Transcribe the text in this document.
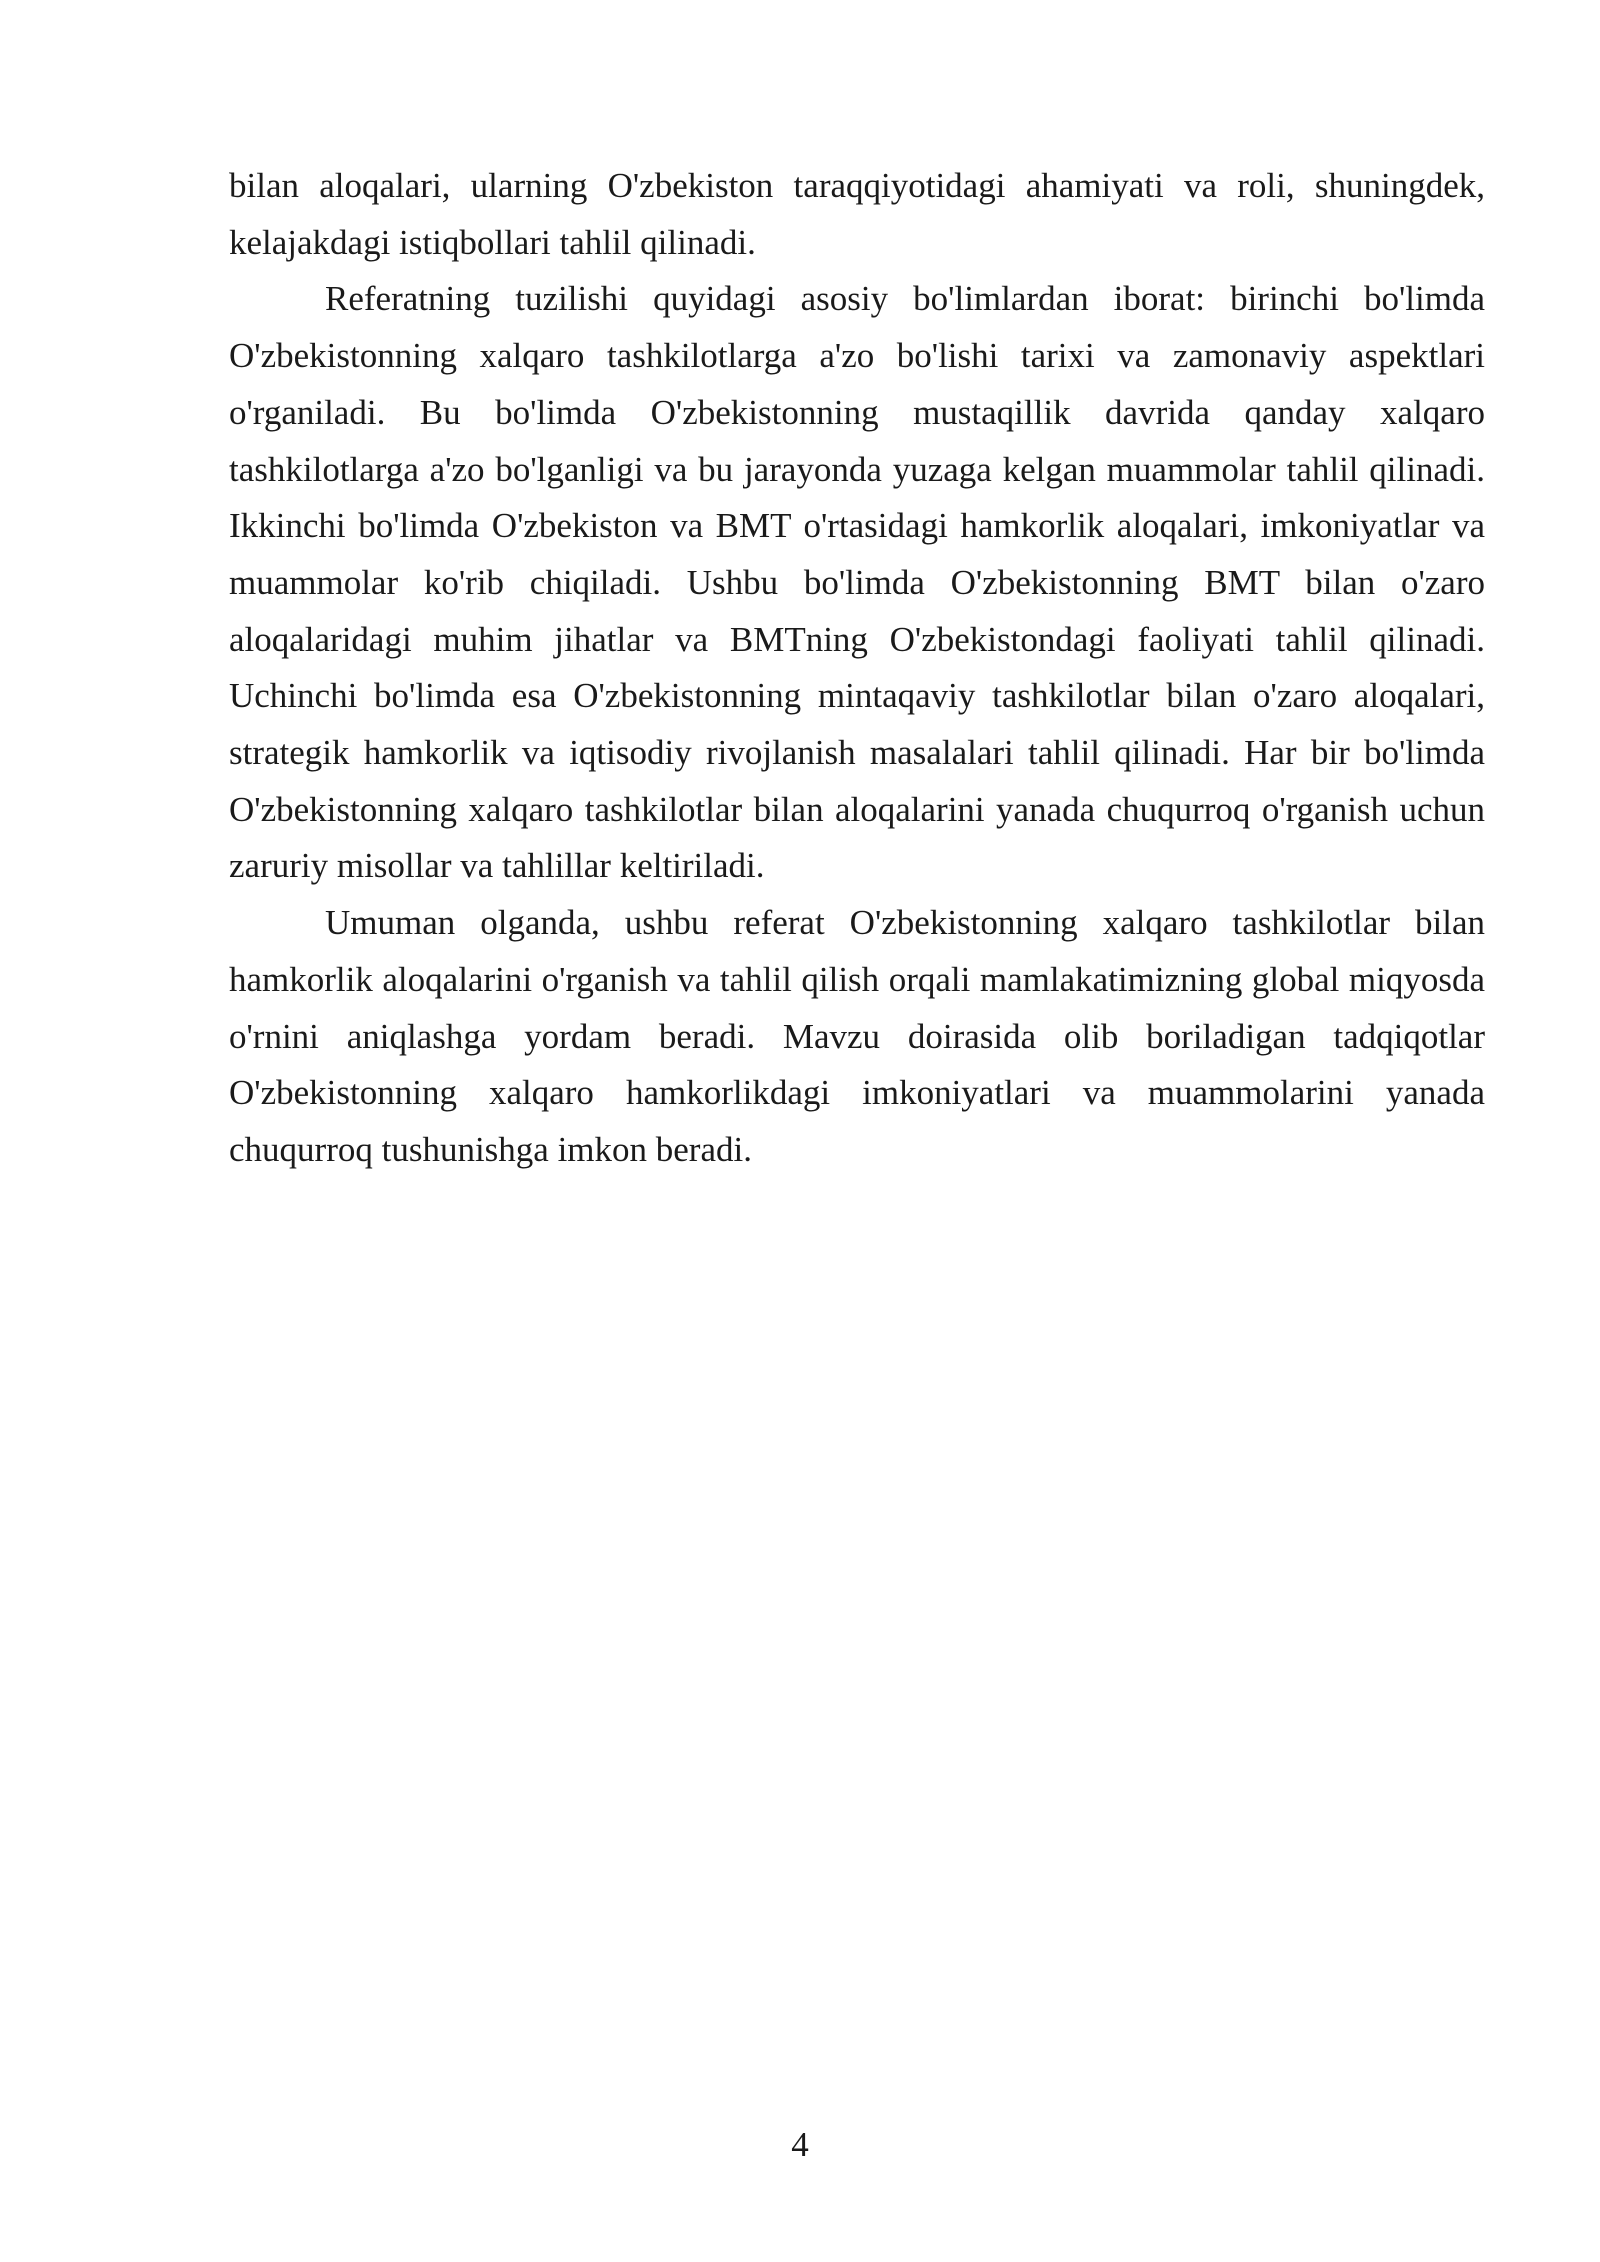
bilan aloqalari, ularning O'zbekiston taraqqiyotidagi ahamiyati va roli, shuningdek, kelajakdagi istiqbollari tahlil qilinadi.

Referatning tuzilishi quyidagi asosiy bo'limlardan iborat: birinchi bo'limda O'zbekistonning xalqaro tashkilotlarga a'zo bo'lishi tarixi va zamonaviy aspektlari o'rganiladi. Bu bo'limda O'zbekistonning mustaqillik davrida qanday xalqaro tashkilotlarga a'zo bo'lganligi va bu jarayonda yuzaga kelgan muammolar tahlil qilinadi. Ikkinchi bo'limda O'zbekiston va BMT o'rtasidagi hamkorlik aloqalari, imkoniyatlar va muammolar ko'rib chiqiladi. Ushbu bo'limda O'zbekistonning BMT bilan o'zaro aloqalaridagi muhim jihatlar va BMTning O'zbekistondagi faoliyati tahlil qilinadi. Uchinchi bo'limda esa O'zbekistonning mintaqaviy tashkilotlar bilan o'zaro aloqalari, strategik hamkorlik va iqtisodiy rivojlanish masalalari tahlil qilinadi. Har bir bo'limda O'zbekistonning xalqaro tashkilotlar bilan aloqalarini yanada chuqurroq o'rganish uchun zaruriy misollar va tahlillar keltiriladi.

Umuman olganda, ushbu referat O'zbekistonning xalqaro tashkilotlar bilan hamkorlik aloqalarini o'rganish va tahlil qilish orqali mamlakatimizning global miqyosda o'rnini aniqlashga yordam beradi. Mavzu doirasida olib boriladigan tadqiqotlar O'zbekistonning xalqaro hamkorlikdagi imkoniyatlari va muammolarini yanada chuqurroq tushunishga imkon beradi.

4
